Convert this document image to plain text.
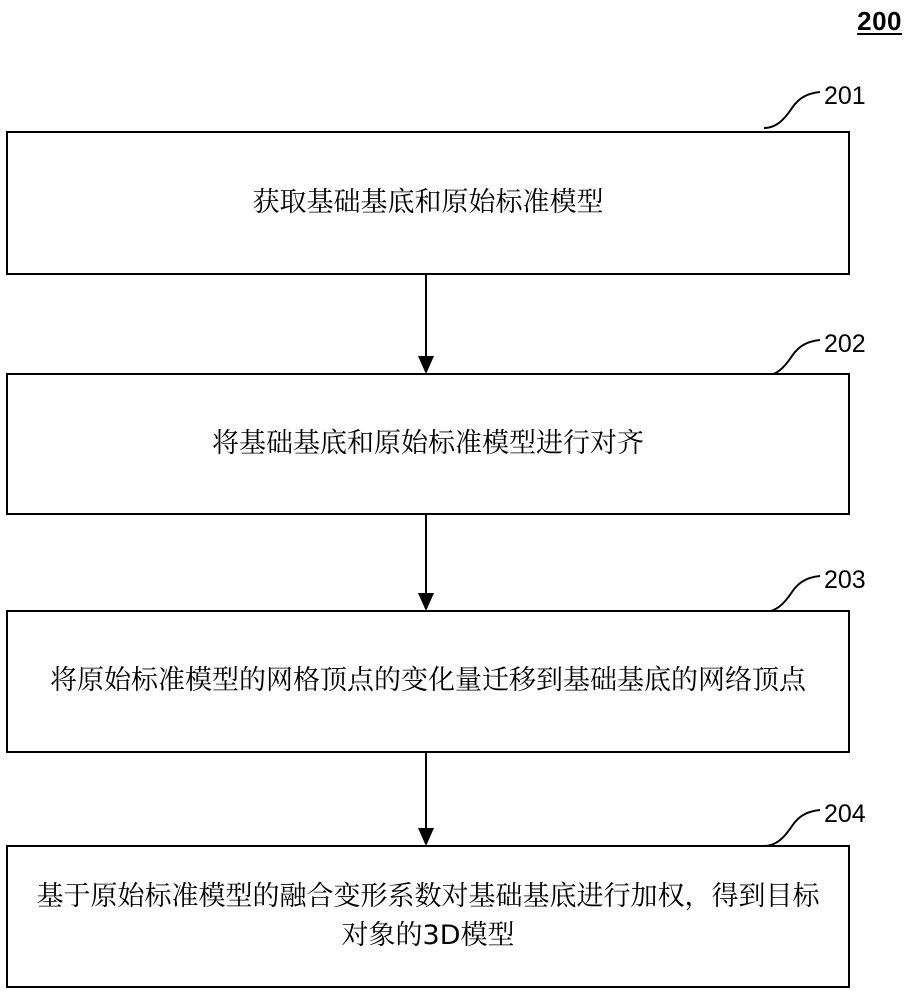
200
201
获取基础基底和原始标准模型
202
将基础基底和原始标准模型进行对齐
203
将原始标准模型的网格顶点的变化量迁移到基础基底的网络顶点
204
基于原始标准模型的融合变形系数对基础基底进行加权，得到目标对象的3D模型
